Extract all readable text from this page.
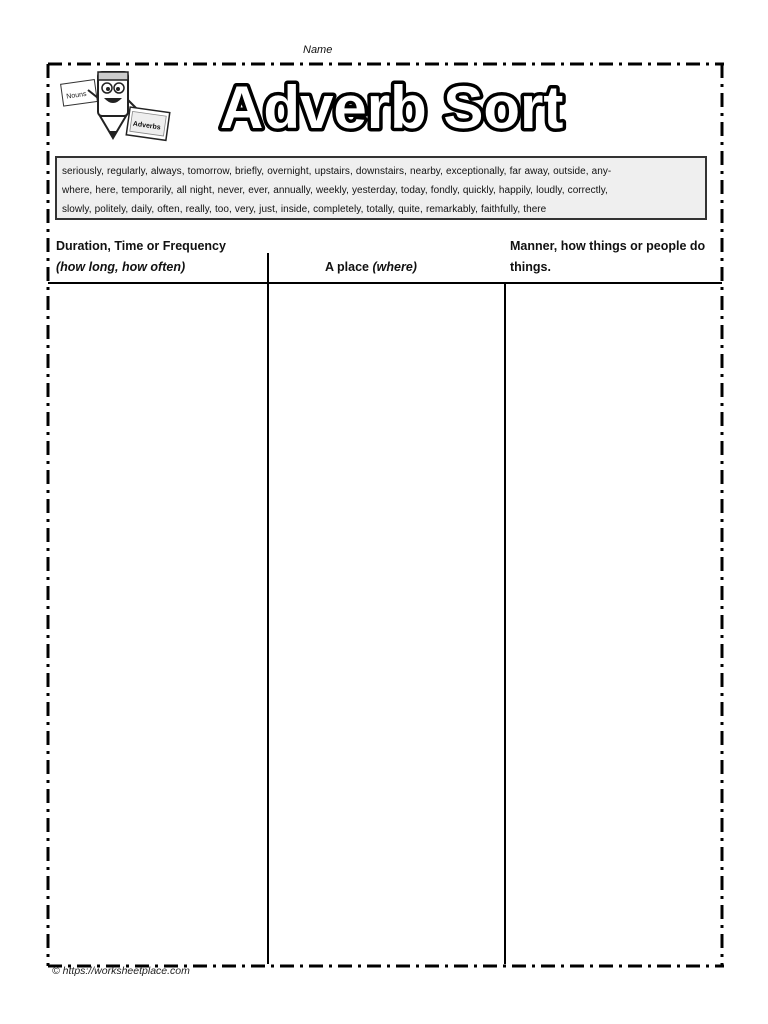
Name
Nouns
Adverbs Adverb Sort
seriously, regularly, always, tomorrow, briefly, overnight, upstairs, downstairs, nearby, exceptionally, far away, outside, any-
where, here, temporarily, all night, never, ever, annually, weekly, yesterday, today, fondly, quickly, happily, loudly, correctly,
slowly, politely, daily, often, really, too, very, just, inside, completely, totally, quite, remarkably, faithfully, there
Duration, Time or Frequency
(how long, how often)	A place (where)
Manner, how things or people do
things.
© https://worksheetplace.com
